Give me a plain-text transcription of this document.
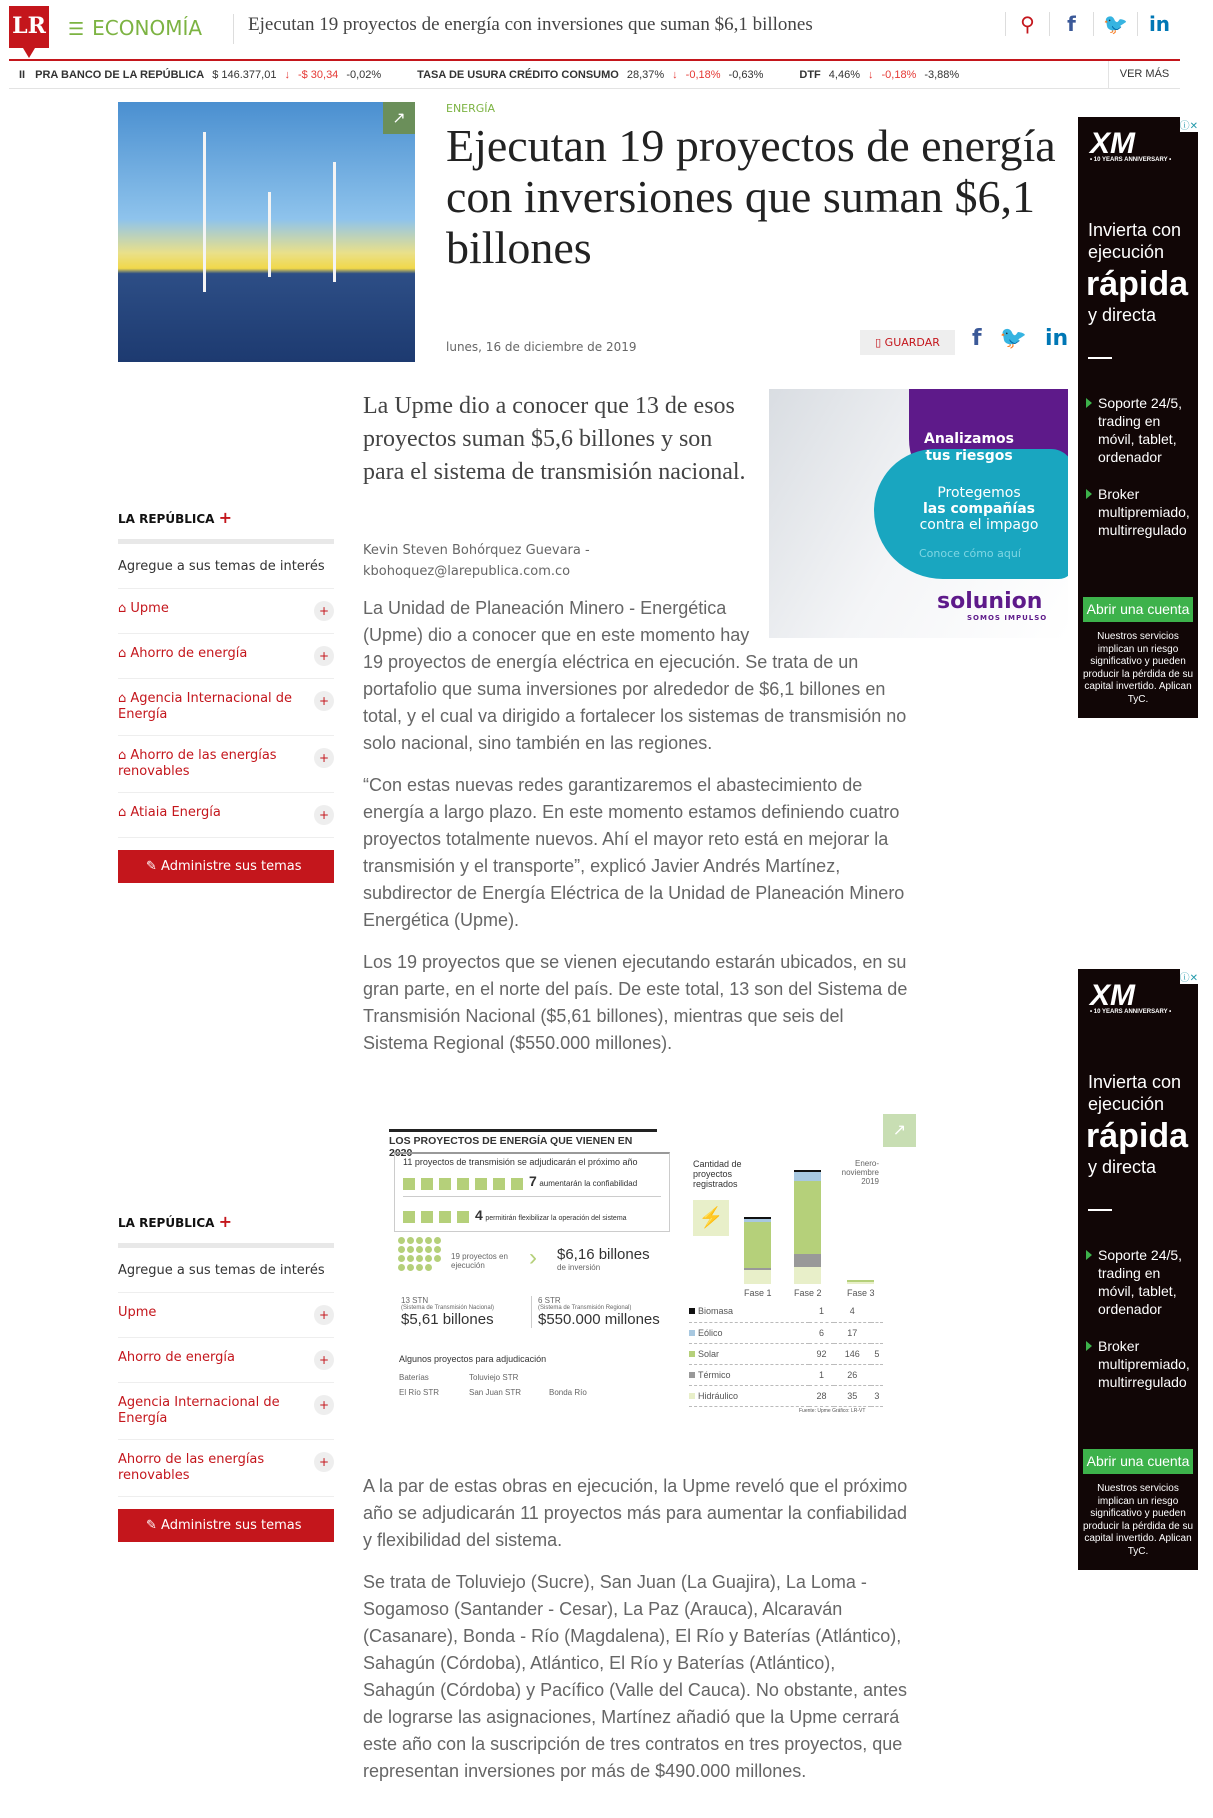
LR ☰ ECONOMÍA Ejecutan 19 proyectos de energía con inversiones que suman $6,1 billones	⚲	f	🐦	in
II PRA BANCO DE LA REPÚBLICA $ 146.377,01 ↓ -$ 30,34 -0,02%	TASA DE USURA CRÉDITO CONSUMO 28,37% ↓ -0,18% -0,63%	DTF 4,46% ↓ -0,18% -3,88%	VER MÁS
↗	ENERGÍA
Ejecutan 19 proyectos de energía con inversiones que suman $6,1 billones
lunes, 16 de diciembre de 2019	▯ GUARDAR	f 🐦 in
LA REPÚBLICA +
Agregue a sus temas de interés
⌂ Upme	+
⌂ Ahorro de energía	+
⌂ Agencia Internacional de Energía
+
⌂ Ahorro de las energías renovables
+
⌂ Atiaia Energía	+
✎ Administre sus temas
LA REPÚBLICA +
Agregue a sus temas de interés
Upme	+
Ahorro de energía	+
Agencia Internacional de Energía
+
Ahorro de las energías renovables
+
✎ Administre sus temas
La Upme dio a conocer que 13 de esos proyectos suman $5,6 billones y son para el sistema de transmisión nacional.
Kevin Steven Bohórquez Guevara -
kbohoquez@larepublica.com.co
Analizamos tus riesgos
Protegemos
las compañías
contra el impago
Conoce cómo aquí
solunion
SOMOS IMPULSO

La Unidad de Planeación Minero - Energética (Upme) dio a conocer que en este momento hay 19 proyectos de energía eléctrica en ejecución. Se trata de un portafolio que suma inversiones por alrededor de $6,1 billones en total, y el cual va dirigido a fortalecer los sistemas de transmisión no solo nacional, sino también en las regiones.

“Con estas nuevas redes garantizaremos el abastecimiento de energía a largo plazo. En este momento estamos definiendo cuatro proyectos totalmente nuevos. Ahí el mayor reto está en mejorar la transmisión y el transporte”, explicó Javier Andrés Martínez, subdirector de Energía Eléctrica de la Unidad de Planeación Minero Energética (Upme).

Los 19 proyectos que se vienen ejecutando estarán ubicados, en su gran parte, en el norte del país. De este total, 13 son del Sistema de Transmisión Nacional ($5,61 billones), mientras que seis del Sistema Regional ($550.000 millones).

A la par de estas obras en ejecución, la Upme reveló que el próximo año se adjudicarán 11 proyectos más para aumentar la confiabilidad y flexibilidad del sistema.

Se trata de Toluviejo (Sucre), San Juan (La Guajira), La Loma - Sogamoso (Santander - Cesar), La Paz (Arauca), Alcaraván (Casanare), Bonda - Río (Magdalena), El Río y Baterías (Atlántico), Sahagún (Córdoba), Atlántico, El Río y Baterías (Atlántico), Sahagún (Córdoba) y Pacífico (Valle del Cauca). No obstante, antes de lograrse las asignaciones, Martínez añadió que la Upme cerrará este año con la suscripción de tres contratos en tres proyectos, que representan inversiones por más de $490.000 millones.

ⓘ✕
XM
• 10 YEARS ANNIVERSARY •
Invierta con ejecución
rápida
y directa
Soporte 24/5, trading en móvil, tablet, ordenador
Broker multipremiado, multirregulado
Abrir una cuenta
Nuestros servicios implican un riesgo significativo y pueden producir la pérdida de su capital invertido. Aplican TyC.
ⓘ✕
XM
• 10 YEARS ANNIVERSARY •
Invierta con ejecución
rápida
y directa
Soporte 24/5, trading en móvil, tablet, ordenador
Broker multipremiado, multirregulado
Abrir una cuenta
Nuestros servicios implican un riesgo significativo y pueden producir la pérdida de su capital invertido. Aplican TyC.
↗
LOS PROYECTOS DE ENERGÍA QUE VIENEN EN 2020
11 proyectos de transmisión se adjudicarán el próximo año
7 aumentarán la confiabilidad
4 permitirán flexibilizar la operación del sistema
19 proyectos en ejecución	› $6,16 billones
de inversión
13 STN
(Sistema de Transmisión Nacional)
$5,61 billones
6 STR
(Sistema de Transmisión Regional)
$550.000 millones
Algunos proyectos para adjudicación
Baterías	Toluviejo STR
El Río STR	San Juan STR	Bonda Río
Cantidad de proyectos registrados
⚡
Enero-noviembre 2019
Biomasa	1	4	
Eólico	6	17	
Solar	92	146	5
Térmico	1	26	
Hidráulico	28	35	3
Fuente: Upme Gráfico: LR-VT
Fase 1 Fase 2	Fase 3
